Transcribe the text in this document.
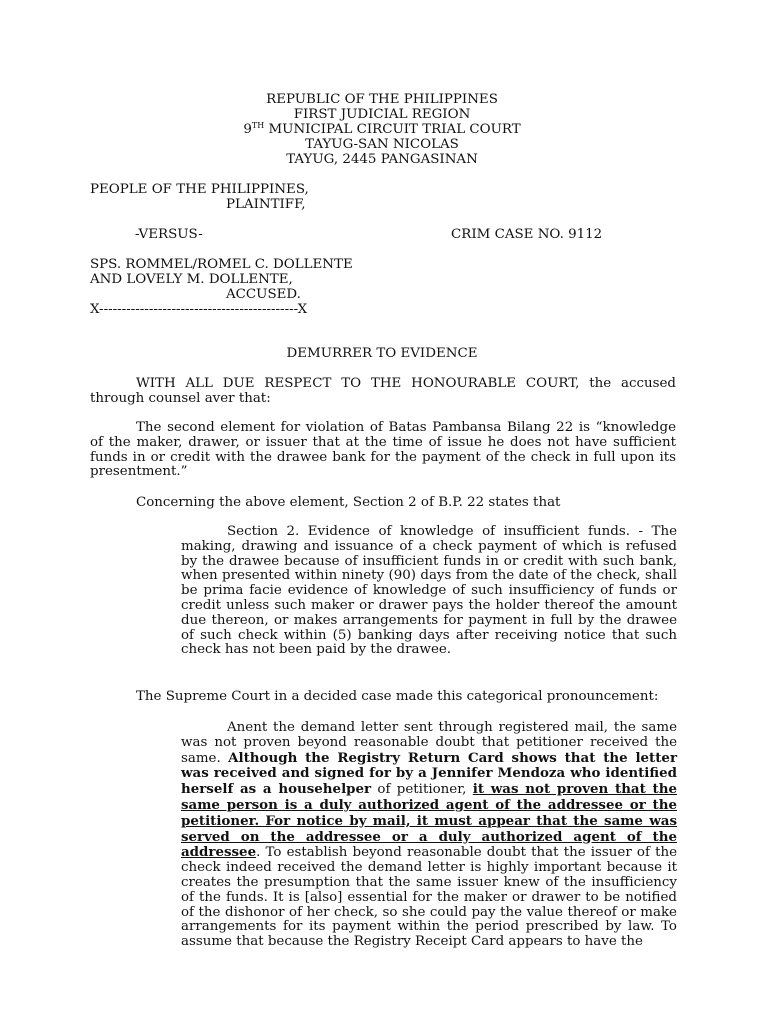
REPUBLIC OF THE PHILIPPINES
FIRST JUDICIAL REGION
9TH MUNICIPAL CIRCUIT TRIAL COURT
TAYUG-SAN NICOLAS
TAYUG, 2445 PANGASINAN
PEOPLE OF THE PHILIPPINES,
PLAINTIFF,
-VERSUS-	CRIM CASE NO. 9112
SPS. ROMMEL/ROMEL C. DOLLENTE
AND LOVELY M. DOLLENTE,
ACCUSED.
X--------------------------------------------X
DEMURRER TO EVIDENCE
WITH ALL DUE RESPECT TO THE HONOURABLE COURT, the accused through counsel aver that:
The second element for violation of Batas Pambansa Bilang 22 is “knowledge of the maker, drawer, or issuer that at the time of issue he does not have sufficient funds in or credit with the drawee bank for the payment of the check in full upon its presentment.”
Concerning the above element, Section 2 of B.P. 22 states that
Section 2. Evidence of knowledge of insufficient funds. - The making, drawing and issuance of a check payment of which is refused by the drawee because of insufficient funds in or credit with such bank, when presented within ninety (90) days from the date of the check, shall be prima facie evidence of knowledge of such insufficiency of funds or credit unless such maker or drawer pays the holder thereof the amount due thereon, or makes arrangements for payment in full by the drawee of such check within (5) banking days after receiving notice that such check has not been paid by the drawee.
The Supreme Court in a decided case made this categorical pronouncement:
Anent the demand letter sent through registered mail, the same was not proven beyond reasonable doubt that petitioner received the same. Although the Registry Return Card shows that the letter was received and signed for by a Jennifer Mendoza who identified herself as a househelper of petitioner, it was not proven that the same person is a duly authorized agent of the addressee or the petitioner. For notice by mail, it must appear that the same was served on the addressee or a duly authorized agent of the addressee. To establish beyond reasonable doubt that the issuer of the check indeed received the demand letter is highly important because it creates the presumption that the same issuer knew of the insufficiency of the funds. It is [also] essential for the maker or drawer to be notified of the dishonor of her check, so she could pay the value thereof or make arrangements for its payment within the period prescribed by law. To assume that because the Registry Receipt Card appears to have the
